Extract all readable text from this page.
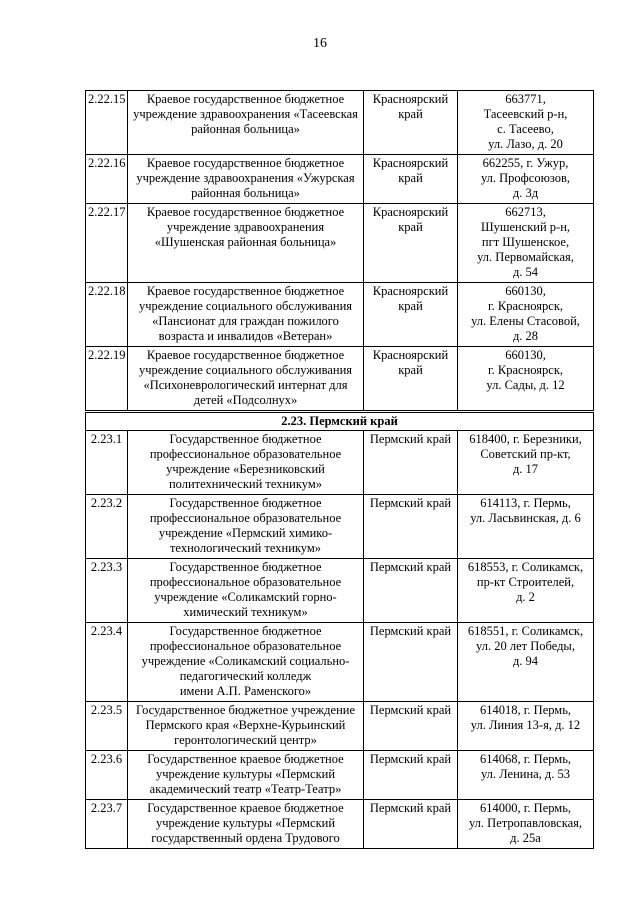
16
2.22.15	Краевое государственное бюджетное
учреждение здравоохранения «Тасеевская
районная больница»	Красноярский
край	663771,
Тасеевский р-н,
с. Тасеево,
ул. Лазо, д. 20

2.22.16	Краевое государственное бюджетное
учреждение здравоохранения «Ужурская
районная больница»	Красноярский
край	662255, г. Ужур,
ул. Профсоюзов,
д. 3д

2.22.17	Краевое государственное бюджетное
учреждение здравоохранения
«Шушенская районная больница»	Красноярский
край	662713,
Шушенский р-н,
пгт Шушенское,
ул. Первомайская,
д. 54

2.22.18	Краевое государственное бюджетное
учреждение социального обслуживания
«Пансионат для граждан пожилого
возраста и инвалидов «Ветеран»	Красноярский
край	660130,
г. Красноярск,
ул. Елены Стасовой,
д. 28

2.22.19	Краевое государственное бюджетное
учреждение социального обслуживания
«Психоневрологический интернат для
детей «Подсолнух»	Красноярский
край	660130,
г. Красноярск,
ул. Сады, д. 12

2.23. Пермский край			
2.23.1	Государственное бюджетное
профессиональное образовательное
учреждение «Березниковский
политехнический техникум»	Пермский край	618400, г. Березники,
Советский пр-кт,
д. 17

2.23.2	Государственное бюджетное
профессиональное образовательное
учреждение «Пермский химико-
технологический техникум»	Пермский край	614113, г. Пермь,
ул. Ласьвинская, д. 6

2.23.3	Государственное бюджетное
профессиональное образовательное
учреждение «Соликамский горно-
химический техникум»	Пермский край	618553, г. Соликамск,
пр-кт Строителей,
д. 2

2.23.4	Государственное бюджетное
профессиональное образовательное
учреждение «Соликамский социально-
педагогический колледж
имени А.П. Раменского»	Пермский край	618551, г. Соликамск,
ул. 20 лет Победы,
д. 94

2.23.5	Государственное бюджетное учреждение
Пермского края «Верхне-Курьинский
геронтологический центр»	Пермский край	614018, г. Пермь,
ул. Линия 13-я, д. 12

2.23.6	Государственное краевое бюджетное
учреждение культуры «Пермский
академический театр «Театр-Театр»	Пермский край	614068, г. Пермь,
ул. Ленина, д. 53

2.23.7	Государственное краевое бюджетное
учреждение культуры «Пермский
государственный ордена Трудового	Пермский край	614000, г. Пермь,
ул. Петропавловская,
д. 25а
